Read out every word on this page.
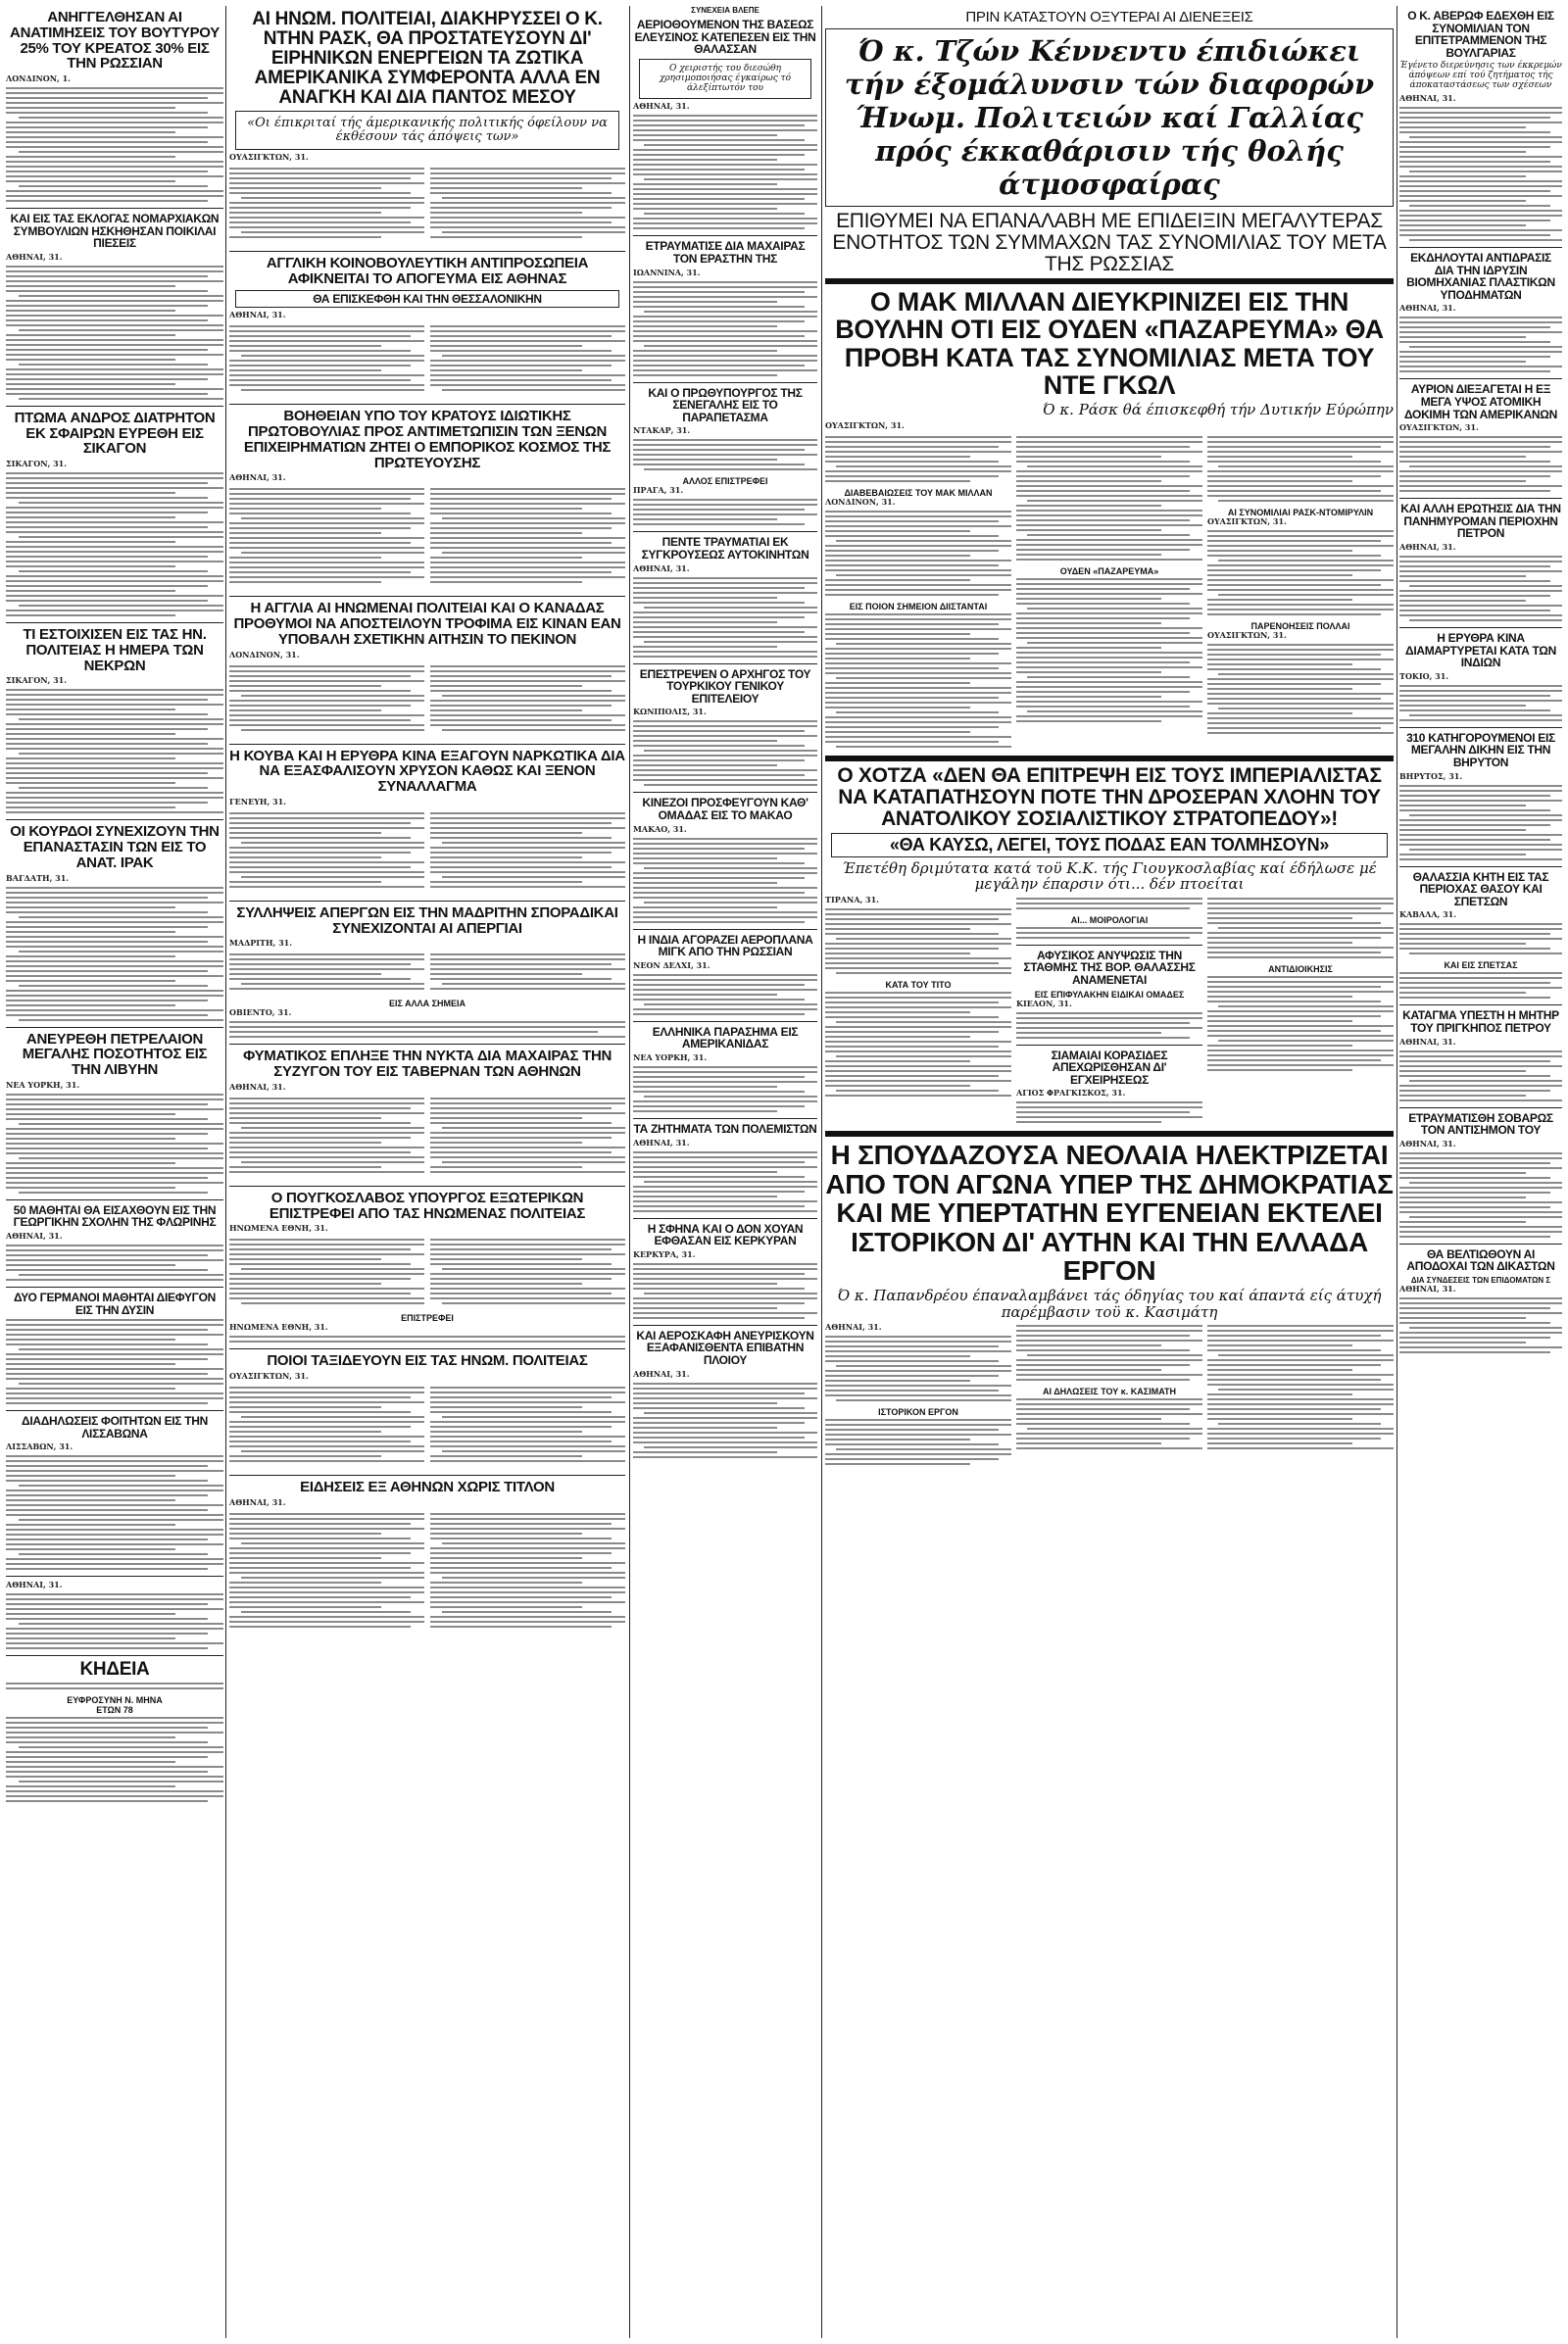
ΑΝΗΓΓΕΛΘΗΣΑΝ ΑΙ ΑΝΑΤΙΜΗΣΕΙΣ ΤΟΥ ΒΟΥΤΥΡΟΥ 25% ΤΟΥ ΚΡΕΑΤΟΣ 30% ΕΙΣ ΤΗΝ ΡΩΣΣΙΑΝ
ΛΟΝΔΙΝΟΝ, 1.
ΚΑΙ ΕΙΣ ΤΑΣ ΕΚΛΟΓΑΣ ΝΟΜΑΡΧΙΑΚΩΝ ΣΥΜΒΟΥΛΙΩΝ ΗΣΚΗΘΗΣΑΝ ΠΟΙΚΙΛΑΙ ΠΙΕΣΕΙΣ
ΑΘΗΝΑΙ, 31.
ΠΤΩΜΑ ΑΝΔΡΟΣ ΔΙΑΤΡΗΤΟΝ ΕΚ ΣΦΑΙΡΩΝ ΕΥΡΕΘΗ ΕΙΣ ΣΙΚΑΓΟΝ
ΣΙΚΑΓΟΝ, 31.
ΤΙ ΕΣΤΟΙΧΙΣΕΝ ΕΙΣ ΤΑΣ ΗΝ. ΠΟΛΙΤΕΙΑΣ Η ΗΜΕΡΑ ΤΩΝ ΝΕΚΡΩΝ
ΣΙΚΑΓΟΝ, 31.
ΟΙ ΚΟΥΡΔΟΙ ΣΥΝΕΧΙΖΟΥΝ ΤΗΝ ΕΠΑΝΑΣΤΑΣΙΝ ΤΩΝ ΕΙΣ ΤΟ ΑΝΑΤ. ΙΡΑΚ
ΒΑΓΔΑΤΗ, 31.
ΑΝΕΥΡΕΘΗ ΠΕΤΡΕΛΑΙΟΝ ΜΕΓΑΛΗΣ ΠΟΣΟΤΗΤΟΣ ΕΙΣ ΤΗΝ ΛΙΒΥΗΝ
ΝΕΑ ΥΟΡΚΗ, 31.
50 ΜΑΘΗΤΑΙ ΘΑ ΕΙΣΑΧΘΟΥΝ ΕΙΣ ΤΗΝ ΓΕΩΡΓΙΚΗΝ ΣΧΟΛΗΝ ΤΗΣ ΦΛΩΡΙΝΗΣ
ΑΘΗΝΑΙ, 31.
ΔΥΟ ΓΕΡΜΑΝΟΙ ΜΑΘΗΤΑΙ ΔΙΕΦΥΓΟΝ ΕΙΣ ΤΗΝ ΔΥΣΙΝ
ΔΙΑΔΗΛΩΣΕΙΣ ΦΟΙΤΗΤΩΝ ΕΙΣ ΤΗΝ ΛΙΣΣΑΒΩΝΑ
ΛΙΣΣΑΒΩΝ, 31.
ΑΘΗΝΑΙ, 31.
ΚΗΔΕΙΑ
ΕΥΦΡΟΣΥΝΗ Ν. ΜΗΝΑ
ΕΤΩΝ 78
ΑΙ ΗΝΩΜ. ΠΟΛΙΤΕΙΑΙ, ΔΙΑΚΗΡΥΣΣΕΙ Ο Κ. ΝΤΗΝ ΡΑΣΚ, ΘΑ ΠΡΟΣΤΑΤΕΥΣΟΥΝ ΔΙ' ΕΙΡΗΝΙΚΩΝ ΕΝΕΡΓΕΙΩΝ ΤΑ ΖΩΤΙΚΑ ΑΜΕΡΙΚΑΝΙΚΑ ΣΥΜΦΕΡΟΝΤΑ ΑΛΛΑ ΕΝ ΑΝΑΓΚΗ ΚΑΙ ΔΙΑ ΠΑΝΤΟΣ ΜΕΣΟΥ
«Οι έπικριταί τής άμερικανικής πολιτικής όφείλουν να έκθέσουν τάς άπόψεις των»
ΟΥΑΣΙΓΚΤΩΝ, 31.
ΑΓΓΛΙΚΗ ΚΟΙΝΟΒΟΥΛΕΥΤΙΚΗ ΑΝΤΙΠΡΟΣΩΠΕΙΑ ΑΦΙΚΝΕΙΤΑΙ ΤΟ ΑΠΟΓΕΥΜΑ ΕΙΣ ΑΘΗΝΑΣ
ΘΑ ΕΠΙΣΚΕΦΘΗ ΚΑΙ ΤΗΝ ΘΕΣΣΑΛΟΝΙΚΗΝ
ΑΘΗΝΑΙ, 31.
ΒΟΗΘΕΙΑΝ ΥΠΟ ΤΟΥ ΚΡΑΤΟΥΣ ΙΔΙΩΤΙΚΗΣ ΠΡΩΤΟΒΟΥΛΙΑΣ ΠΡΟΣ ΑΝΤΙΜΕΤΩΠΙΣΙΝ ΤΩΝ ΞΕΝΩΝ ΕΠΙΧΕΙΡΗΜΑΤΙΩΝ ΖΗΤΕΙ Ο ΕΜΠΟΡΙΚΟΣ ΚΟΣΜΟΣ ΤΗΣ ΠΡΩΤΕΥΟΥΣΗΣ
ΑΘΗΝΑΙ, 31.
Η ΑΓΓΛΙΑ ΑΙ ΗΝΩΜΕΝΑΙ ΠΟΛΙΤΕΙΑΙ ΚΑΙ Ο ΚΑΝΑΔΑΣ ΠΡΟΘΥΜΟΙ ΝΑ ΑΠΟΣΤΕΙΛΟΥΝ ΤΡΟΦΙΜΑ ΕΙΣ ΚΙΝΑΝ ΕΑΝ ΥΠΟΒΑΛΗ ΣΧΕΤΙΚΗΝ ΑΙΤΗΣΙΝ ΤΟ ΠΕΚΙΝΟΝ
ΛΟΝΔΙΝΟΝ, 31.
Η ΚΟΥΒΑ ΚΑΙ Η ΕΡΥΘΡΑ ΚΙΝΑ ΕΞΑΓΟΥΝ ΝΑΡΚΩΤΙΚΑ ΔΙΑ ΝΑ ΕΞΑΣΦΑΛΙΣΟΥΝ ΧΡΥΣΟΝ ΚΑΘΩΣ ΚΑΙ ΞΕΝΟΝ ΣΥΝΑΛΛΑΓΜΑ
ΓΕΝΕΥΗ, 31.
ΣΥΛΛΗΨΕΙΣ ΑΠΕΡΓΩΝ ΕΙΣ ΤΗΝ ΜΑΔΡΙΤΗΝ ΣΠΟΡΑΔΙΚΑΙ ΣΥΝΕΧΙΖΟΝΤΑΙ ΑΙ ΑΠΕΡΓΙΑΙ
ΜΑΔΡΙΤΗ, 31.
ΕΙΣ ΑΛΛΑ ΣΗΜΕΙΑ
ΟΒΙΕΝΤΟ, 31.
ΦΥΜΑΤΙΚΟΣ ΕΠΛΗΞΕ ΤΗΝ ΝΥΚΤΑ ΔΙΑ ΜΑΧΑΙΡΑΣ ΤΗΝ ΣΥΖΥΓΟΝ ΤΟΥ ΕΙΣ ΤΑΒΕΡΝΑΝ ΤΩΝ ΑΘΗΝΩΝ
ΑΘΗΝΑΙ, 31.
Ο ΠΟΥΓΚΟΣΛΑΒΟΣ ΥΠΟΥΡΓΟΣ ΕΞΩΤΕΡΙΚΩΝ ΕΠΙΣΤΡΕΦΕΙ ΑΠΟ ΤΑΣ ΗΝΩΜΕΝΑΣ ΠΟΛΙΤΕΙΑΣ
ΗΝΩΜΕΝΑ ΕΘΝΗ, 31.
ΕΠΙΣΤΡΕΦΕΙ
ΗΝΩΜΕΝΑ ΕΘΝΗ, 31.
ΠΟΙΟΙ ΤΑΞΙΔΕΥΟΥΝ ΕΙΣ ΤΑΣ ΗΝΩΜ. ΠΟΛΙΤΕΙΑΣ
ΟΥΑΣΙΓΚΤΩΝ, 31.
ΕΙΔΗΣΕΙΣ ΕΞ ΑΘΗΝΩΝ ΧΩΡΙΣ ΤΙΤΛΟΝ
ΑΘΗΝΑΙ, 31.
ΣΥΝΕΧΕΙΑ ΒΛΕΠΕ
ΑΕΡΙΟΘΟΥΜΕΝΟΝ ΤΗΣ ΒΑΣΕΩΣ ΕΛΕΥΣΙΝΟΣ ΚΑΤΕΠΕΣΕΝ ΕΙΣ ΤΗΝ ΘΑΛΑΣΣΑΝ
Ο χειριστής του διεσώθη χρησιμοποιήσας έγκαίρως τό άλεξίπτωτόν του
ΑΘΗΝΑΙ, 31.
ΕΤΡΑΥΜΑΤΙΣΕ ΔΙΑ ΜΑΧΑΙΡΑΣ ΤΟΝ ΕΡΑΣΤΗΝ ΤΗΣ
ΙΩΑΝΝΙΝΑ, 31.
ΚΑΙ Ο ΠΡΩΘΥΠΟΥΡΓΟΣ ΤΗΣ ΣΕΝΕΓΑΛΗΣ ΕΙΣ ΤΟ ΠΑΡΑΠΕΤΑΣΜΑ
ΝΤΑΚΑΡ, 31.
ΑΛΛΟΣ ΕΠΙΣΤΡΕΦΕΙ
ΠΡΑΓΑ, 31.
ΠΕΝΤΕ ΤΡΑΥΜΑΤΙΑΙ ΕΚ ΣΥΓΚΡΟΥΣΕΩΣ ΑΥΤΟΚΙΝΗΤΩΝ
ΑΘΗΝΑΙ, 31.
ΕΠΕΣΤΡΕΨΕΝ Ο ΑΡΧΗΓΟΣ ΤΟΥ ΤΟΥΡΚΙΚΟΥ ΓΕΝΙΚΟΥ ΕΠΙΤΕΛΕΙΟΥ
ΚΩΝΙΠΟΛΙΣ, 31.
ΚΙΝΕΖΟΙ ΠΡΟΣΦΕΥΓΟΥΝ ΚΑΘ' ΟΜΑΔΑΣ ΕΙΣ ΤΟ ΜΑΚΑΟ
ΜΑΚΑΟ, 31.
Η ΙΝΔΙΑ ΑΓΟΡΑΖΕΙ ΑΕΡΟΠΛΑΝΑ ΜΙΓΚ ΑΠΟ ΤΗΝ ΡΩΣΣΙΑΝ
ΝΕΟΝ ΔΕΛΧΙ, 31.
ΕΛΛΗΝΙΚΑ ΠΑΡΑΣΗΜΑ ΕΙΣ ΑΜΕΡΙΚΑΝΙΔΑΣ
ΝΕΑ ΥΟΡΚΗ, 31.
ΤΑ ΖΗΤΗΜΑΤΑ ΤΩΝ ΠΟΛΕΜΙΣΤΩΝ
ΑΘΗΝΑΙ, 31.
Η ΣΦΗΝΑ ΚΑΙ Ο ΔΟΝ ΧΟΥΑΝ ΕΦΘΑΣΑΝ ΕΙΣ ΚΕΡΚΥΡΑΝ
ΚΕΡΚΥΡΑ, 31.
ΚΑΙ ΑΕΡΟΣΚΑΦΗ ΑΝΕΥΡΙΣΚΟΥΝ ΕΞΑΦΑΝΙΣΘΕΝΤΑ ΕΠΙΒΑΤΗΝ ΠΛΟΙΟΥ
ΑΘΗΝΑΙ, 31.
ΠΡΙΝ ΚΑΤΑΣΤΟΥΝ ΟΞΥΤΕΡΑΙ ΑΙ ΔΙΕΝΕΞΕΙΣ
Ό κ. Τζών Κέννεντυ έπιδιώκει τήν έξομάλυνσιν τών διαφορών Ήνωμ. Πολιτειών καί Γαλλίας πρός έκκαθάρισιν τής θολής άτμοσφαίρας
ΕΠΙΘΥΜΕΙ ΝΑ ΕΠΑΝΑΛΑΒΗ ΜΕ ΕΠΙΔΕΙΞΙΝ ΜΕΓΑΛΥΤΕΡΑΣ ΕΝΟΤΗΤΟΣ ΤΩΝ ΣΥΜΜΑΧΩΝ ΤΑΣ ΣΥΝΟΜΙΛΙΑΣ ΤΟΥ ΜΕΤΑ ΤΗΣ ΡΩΣΣΙΑΣ
Ο ΜΑΚ ΜΙΛΛΑΝ ΔΙΕΥΚΡΙΝΙΖΕΙ ΕΙΣ ΤΗΝ ΒΟΥΛΗΝ ΟΤΙ ΕΙΣ ΟΥΔΕΝ «ΠΑΖΑΡΕΥΜΑ» ΘΑ ΠΡΟΒΗ ΚΑΤΑ ΤΑΣ ΣΥΝΟΜΙΛΙΑΣ ΜΕΤΑ ΤΟΥ ΝΤΕ ΓΚΩΛ
Ό κ. Ράσκ θά έπισκεφθή τήν Δυτικήν Εύρώπην
ΟΥΑΣΙΓΚΤΩΝ, 31.
ΔΙΑΒΕΒΑΙΩΣΕΙΣ ΤΟΥ ΜΑΚ ΜΙΛΛΑΝ
ΛΟΝΔΙΝΟΝ, 31.
ΕΙΣ ΠΟΙΟΝ ΣΗΜΕΙΟΝ ΔΙΙΣΤΑΝΤΑΙ
ΟΥΔΕΝ «ΠΑΖΑΡΕΥΜΑ»
ΑΙ ΣΥΝΟΜΙΛΙΑΙ ΡΑΣΚ-ΝΤΟΜΙΡΥΛΙΝ
ΟΥΑΣΙΓΚΤΩΝ, 31.
ΠΑΡΕΝΟΗΣΕΙΣ ΠΟΛΛΑΙ
ΟΥΑΣΙΓΚΤΩΝ, 31.
Ο ΧΟΤΖΑ «ΔΕΝ ΘΑ ΕΠΙΤΡΕΨΗ ΕΙΣ ΤΟΥΣ ΙΜΠΕΡΙΑΛΙΣΤΑΣ ΝΑ ΚΑΤΑΠΑΤΗΣΟΥΝ ΠΟΤΕ ΤΗΝ ΔΡΟΣΕΡΑΝ ΧΛΟΗΝ ΤΟΥ ΑΝΑΤΟΛΙΚΟΥ ΣΟΣΙΑΛΙΣΤΙΚΟΥ ΣΤΡΑΤΟΠΕΔΟΥ»!
«ΘΑ ΚΑΥΣΩ, ΛΕΓΕΙ, ΤΟΥΣ ΠΟΔΑΣ ΕΑΝ ΤΟΛΜΗΣΟΥΝ»
Έπετέθη δριμύτατα κατά τοϋ Κ.Κ. τής Γιουγκοσλαβίας καί έδήλωσε μέ μεγάλην έπαρσιν ότι... δέν πτοείται
ΤΙΡΑΝΑ, 31.
ΚΑΤΑ ΤΟΥ ΤΙΤΟ
ΑΙ... ΜΟΙΡΟΛΟΓΙΑΙ
ΑΦΥΣΙΚΟΣ ΑΝΥΨΩΣΙΣ ΤΗΝ ΣΤΑΘΜΗΣ ΤΗΣ ΒΟΡ. ΘΑΛΑΣΣΗΣ ΑΝΑΜΕΝΕΤΑΙ
ΕΙΣ ΕΠΙΦΥΛΑΚΗΝ ΕΙΔΙΚΑΙ ΟΜΑΔΕΣ
ΚΙΕΛΟΝ, 31.
ΣΙΑΜΑΙΑΙ ΚΟΡΑΣΙΔΕΣ ΑΠΕΧΩΡΙΣΘΗΣΑΝ ΔΙ' ΕΓΧΕΙΡΗΣΕΩΣ
ΑΓΙΟΣ ΦΡΑΓΚΙΣΚΟΣ, 31.
ΑΝΤΙΔΙΟΙΚΗΣΙΣ
Η ΣΠΟΥΔΑΖΟΥΣΑ ΝΕΟΛΑΙΑ ΗΛΕΚΤΡΙΖΕΤΑΙ ΑΠΟ ΤΟΝ ΑΓΩΝΑ ΥΠΕΡ ΤΗΣ ΔΗΜΟΚΡΑΤΙΑΣ ΚΑΙ ΜΕ ΥΠΕΡΤΑΤΗΝ ΕΥΓΕΝΕΙΑΝ ΕΚΤΕΛΕΙ ΙΣΤΟΡΙΚΟΝ ΔΙ' ΑΥΤΗΝ ΚΑΙ ΤΗΝ ΕΛΛΑΔΑ ΕΡΓΟΝ
Ό κ. Παπανδρέου έπαναλαμβάνει τάς όδηγίας του καί άπαντά είς άτυχή παρέμβασιν τοϋ κ. Κασιμάτη
ΑΘΗΝΑΙ, 31.
ΙΣΤΟΡΙΚΟΝ ΕΡΓΟΝ
ΑΙ ΔΗΛΩΣΕΙΣ ΤΟΥ κ. ΚΑΣΙΜΑΤΗ
Ο Κ. ΑΒΕΡΩΦ ΕΔΕΧΘΗ ΕΙΣ ΣΥΝΟΜΙΛΙΑΝ ΤΟΝ ΕΠΙΤΕΤΡΑΜΜΕΝΟΝ ΤΗΣ ΒΟΥΛΓΑΡΙΑΣ
Έγένετο διερεύνησις των έκκρεμών άπόψεων επί τού ζητήματος τής άποκαταστάσεως των σχέσεων
ΑΘΗΝΑΙ, 31.
ΕΚΔΗΛΟΥΤΑΙ ΑΝΤΙΔΡΑΣΙΣ ΔΙΑ ΤΗΝ ΙΔΡΥΣΙΝ ΒΙΟΜΗΧΑΝΙΑΣ ΠΛΑΣΤΙΚΩΝ ΥΠΟΔΗΜΑΤΩΝ
ΑΘΗΝΑΙ, 31.
ΑΥΡΙΟΝ ΔΙΕΞΑΓΕΤΑΙ Η ΕΞ ΜΕΓΑ ΥΨΟΣ ΑΤΟΜΙΚΗ ΔΟΚΙΜΗ ΤΩΝ ΑΜΕΡΙΚΑΝΩΝ
ΟΥΑΣΙΓΚΤΩΝ, 31.
ΚΑΙ ΑΛΛΗ ΕΡΩΤΗΣΙΣ ΔΙΑ ΤΗΝ ΠΑΝΗΜΥΡΟΜΑΝ ΠΕΡΙΟΧΗΝ ΠΕΤΡΟΝ
ΑΘΗΝΑΙ, 31.
Η ΕΡΥΘΡΑ ΚΙΝΑ ΔΙΑΜΑΡΤΥΡΕΤΑΙ ΚΑΤΑ ΤΩΝ ΙΝΔΙΩΝ
ΤΟΚΙΟ, 31.
310 ΚΑΤΗΓΟΡΟΥΜΕΝΟΙ ΕΙΣ ΜΕΓΑΛΗΝ ΔΙΚΗΝ ΕΙΣ ΤΗΝ ΒΗΡΥΤΟΝ
ΒΗΡΥΤΟΣ, 31.
ΘΑΛΑΣΣΙΑ ΚΗΤΗ ΕΙΣ ΤΑΣ ΠΕΡΙΟΧΑΣ ΘΑΣΟΥ ΚΑΙ ΣΠΕΤΣΩΝ
ΚΑΒΑΛΑ, 31.
ΚΑΙ ΕΙΣ ΣΠΕΤΣΑΣ
ΚΑΤΑΓΜΑ ΥΠΕΣΤΗ Η ΜΗΤΗΡ ΤΟΥ ΠΡΙΓΚΗΠΟΣ ΠΕΤΡΟΥ
ΑΘΗΝΑΙ, 31.
ΕΤΡΑΥΜΑΤΙΣΘΗ ΣΟΒΑΡΩΣ ΤΟΝ ΑΝΤΙΣΗΜΟΝ ΤΟΥ
ΑΘΗΝΑΙ, 31.
ΘΑ ΒΕΛΤΙΩΘΟΥΝ ΑΙ ΑΠΟΔΟΧΑΙ ΤΩΝ ΔΙΚΑΣΤΩΝ
ΔΙΑ ΣΥΝΔΕΣΕΙΣ ΤΩΝ ΕΠΙΔΟΜΑΤΩΝ Σ
ΑΘΗΝΑΙ, 31.
